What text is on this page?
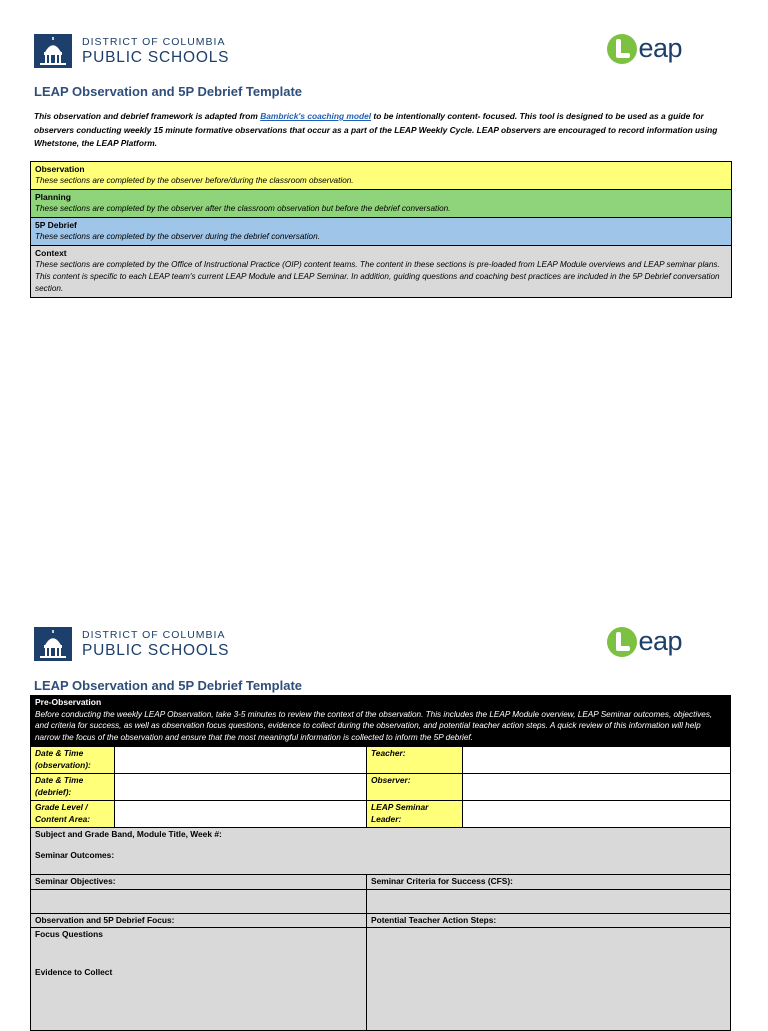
DISTRICT OF COLUMBIA
PUBLIC SCHOOLS	eap
LEAP Observation and 5P Debrief Template
This observation and debrief framework is adapted from Bambrick's coaching model to be intentionally content- focused. This tool is designed to be used as a guide for observers conducting weekly 15 minute formative observations that occur as a part of the LEAP Weekly Cycle. LEAP observers are encouraged to record information using Whetstone, the LEAP Platform.
Observation
These sections are completed by the observer before/during the classroom observation.
Planning
These sections are completed by the observer after the classroom observation but before the debrief conversation.
5P Debrief
These sections are completed by the observer during the debrief conversation.
Context
These sections are completed by the Office of Instructional Practice (OIP) content teams. The content in these sections is pre-loaded from LEAP Module overviews and LEAP seminar plans. This content is specific to each LEAP team's current LEAP Module and LEAP Seminar. In addition, guiding questions and coaching best practices are included in the 5P Debrief conversation section.
DISTRICT OF COLUMBIA
PUBLIC SCHOOLS	eap
LEAP Observation and 5P Debrief Template
Pre-Observation
Before conducting the weekly LEAP Observation, take 3-5 minutes to review the context of the observation. This includes the LEAP Module overview, LEAP Seminar outcomes, objectives, and criteria for success, as well as observation focus questions, evidence to collect during the observation, and potential teacher action steps. A quick review of this information will help narrow the focus of the observation and ensure that the most meaningful information is collected to inform the 5P debrief.			

Date & Time (observation):		Teacher:	
Date & Time (debrief):		Observer:	
Grade Level / Content Area:		LEAP Seminar Leader:	

Subject and Grade Band, Module Title, Week #:
Seminar Outcomes:			

Seminar Objectives:		Seminar Criteria for Success (CFS):	

Observation and 5P Debrief Focus:		Potential Teacher Action Steps:	

Focus Questions
Evidence to Collect			
